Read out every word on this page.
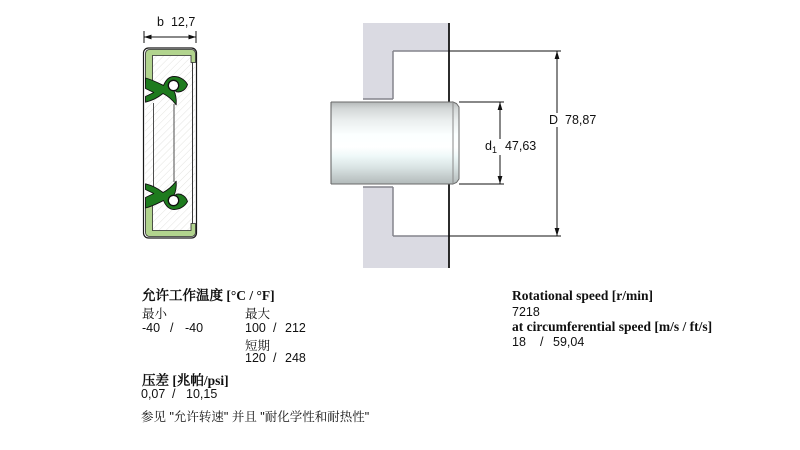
b 12,7
$d_1$ 47,63
D 78,87
允许工作温度 [°C / °F]
最小	最大
-40 / -40	100 / 212
短期
120 / 248
压差 [兆帕/psi]
0,07 / 10,15
参见 "允许转速" 并且 "耐化学性和耐热性"
Rotational speed [r/min]
7218
at circumferential speed [m/s / ft/s]
18 / 59,04
